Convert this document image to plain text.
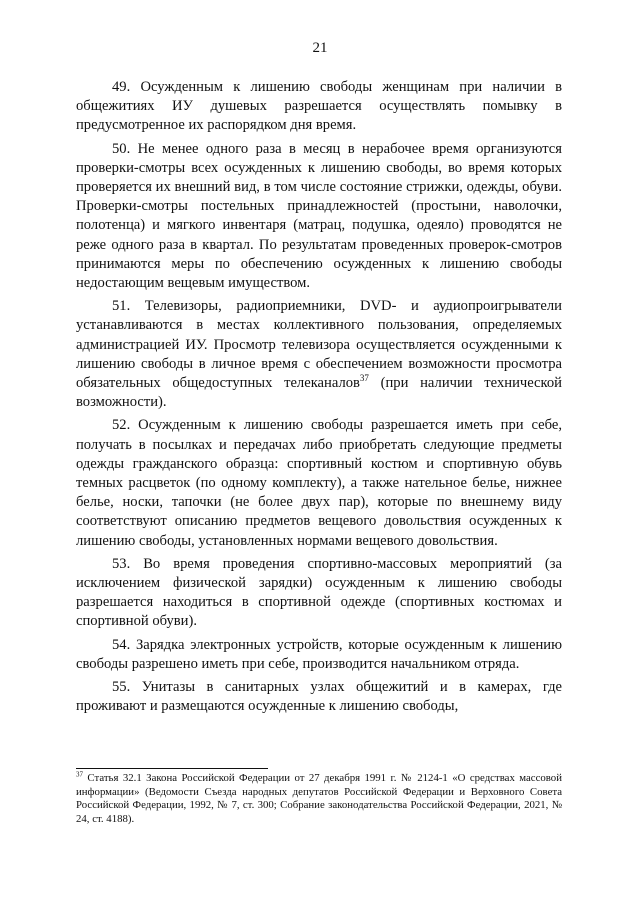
21

49. Осужденным к лишению свободы женщинам при наличии в общежитиях ИУ душевых разрешается осуществлять помывку в предусмотренное их распорядком дня время.

50. Не менее одного раза в месяц в нерабочее время организуются проверки-смотры всех осужденных к лишению свободы, во время которых проверяется их внешний вид, в том числе состояние стрижки, одежды, обуви. Проверки-смотры постельных принадлежностей (простыни, наволочки, полотенца) и мягкого инвентаря (матрац, подушка, одеяло) проводятся не реже одного раза в квартал. По результатам проведенных проверок-смотров принимаются меры по обеспечению осужденных к лишению свободы недостающим вещевым имуществом.

51. Телевизоры, радиоприемники, DVD- и аудиопроигрыватели устанавливаются в местах коллективного пользования, определяемых администрацией ИУ. Просмотр телевизора осуществляется осужденными к лишению свободы в личное время с обеспечением возможности просмотра обязательных общедоступных телеканалов$^{37}$ (при наличии технической возможности).

52. Осужденным к лишению свободы разрешается иметь при себе, получать в посылках и передачах либо приобретать следующие предметы одежды гражданского образца: спортивный костюм и спортивную обувь темных расцветок (по одному комплекту), а также нательное белье, нижнее белье, носки, тапочки (не более двух пар), которые по внешнему виду соответствуют описанию предметов вещевого довольствия осужденных к лишению свободы, установленных нормами вещевого довольствия.

53. Во время проведения спортивно-массовых мероприятий (за исключением физической зарядки) осужденным к лишению свободы разрешается находиться в спортивной одежде (спортивных костюмах и спортивной обуви).

54. Зарядка электронных устройств, которые осужденным к лишению свободы разрешено иметь при себе, производится начальником отряда.

55. Унитазы в санитарных узлах общежитий и в камерах, где проживают и размещаются осужденные к лишению свободы,

$^{37}$ Статья 32.1 Закона Российской Федерации от 27 декабря 1991 г. № 2124-1 «О средствах массовой информации» (Ведомости Съезда народных депутатов Российской Федерации и Верховного Совета Российской Федерации, 1992, № 7, ст. 300; Собрание законодательства Российской Федерации, 2021, № 24, ст. 4188).
